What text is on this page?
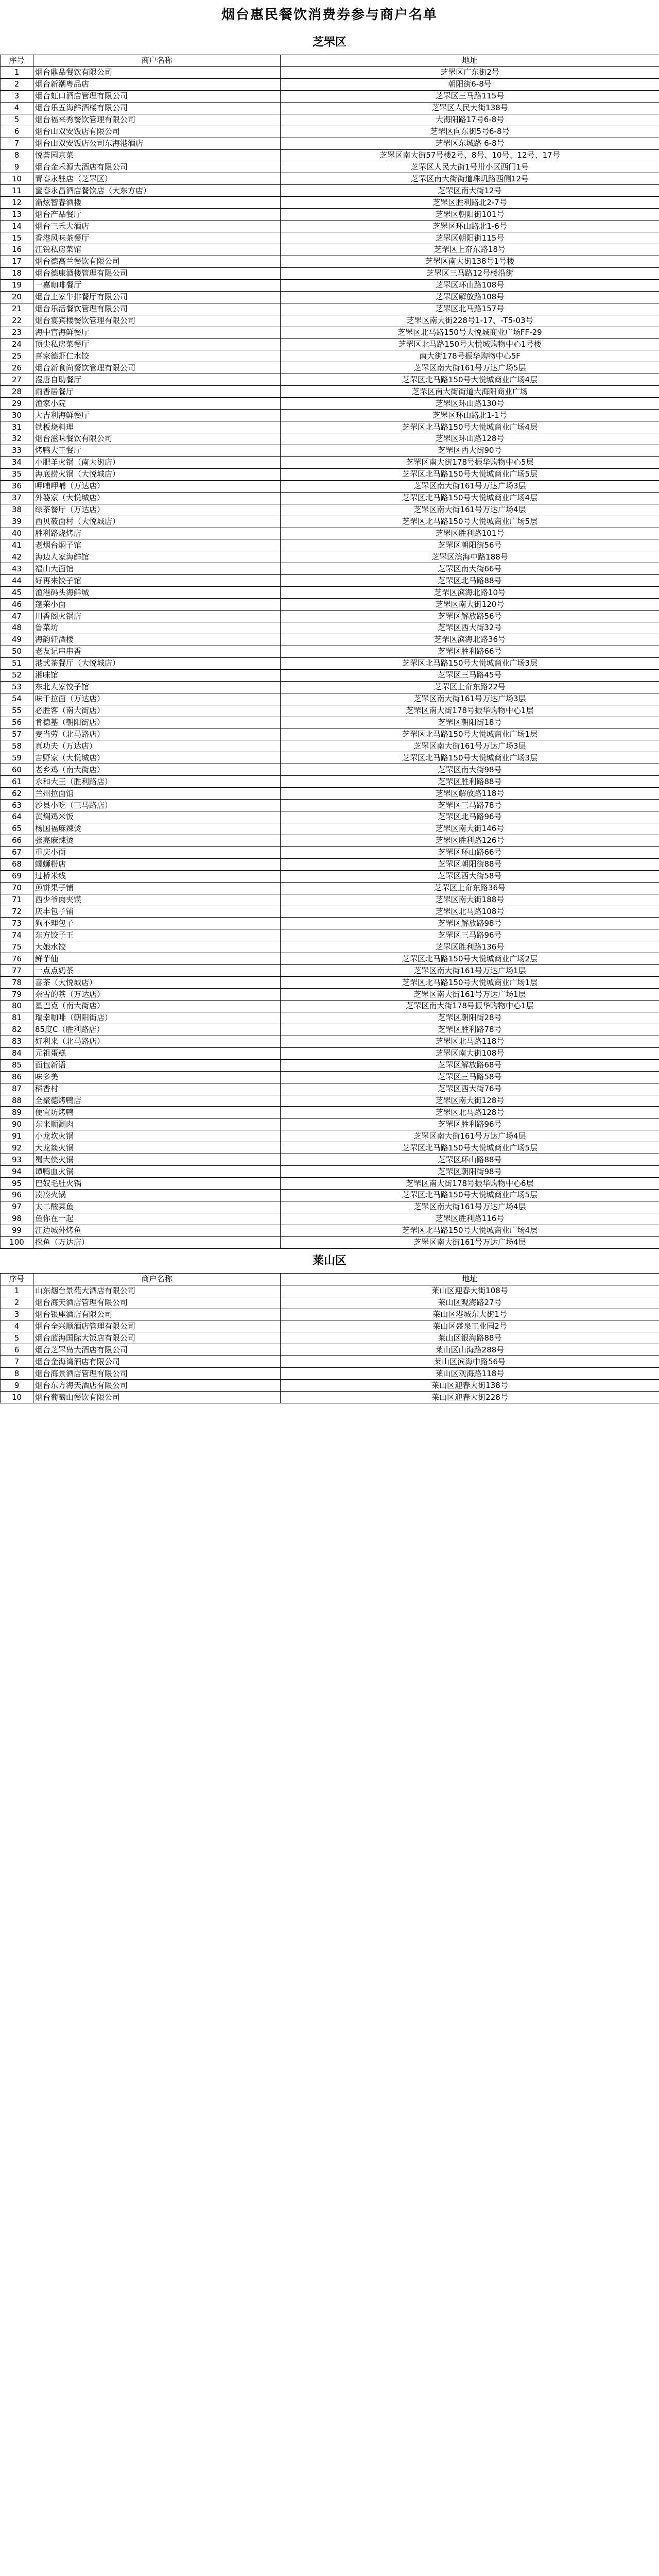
烟台惠民餐饮消费券参与商户名单
芝罘区
序号	商户名称	地址
1	烟台鼎品餐饮有限公司	芝罘区广东街2号
2	烟台新潮粤品店	朝阳街6-8号
3	烟台虹口酒店管理有限公司	芝罘区三马路115号
4	烟台乐五海鲜酒楼有限公司	芝罘区人民大街138号
5	烟台福来秀餐饮管理有限公司	大海阳路17号6-8号
6	烟台山双安饭店有限公司	芝罘区向东街5号6-8号
7	烟台山双安饭店公司东海港酒店	芝罘区东城路 6-8号
8	悦荟园京菜	芝罘区南大街57号楼2号、8号、10号、12号、17号
9	烟台金禾源大酒店有限公司	芝罘区人民大街1号卅小区西门1号
10	青春永驻店（芝罘区）	芝罘区南大街街道珠玑路西侧12号
11	蜜春永昌酒店餐饮店（大东方店）	芝罘区南大街12号
12	渐炫智春酒楼	芝罘区胜利路北2-7号
13	烟台产品餐厅	芝罘区朝阳街101号
14	烟台三禾大酒店	芝罘区环山路北1-6号
15	香港风味茶餐厅	芝罘区朝阳街115号
16	江锐私房菜馆	芝罘区上夼东路18号
17	烟台德高兰餐饮有限公司	芝罘区南大街138号1号楼
18	烟台德康酒楼管理有限公司	芝罘区三马路12号楼沿街
19	一嘉咖啡餐厅	芝罘区环山路108号
20	烟台上家牛排餐厅有限公司	芝罘区解放路108号
21	烟台乐活餐饮管理有限公司	芝罘区北马路157号
22	烟台宴宾楼餐饮管理有限公司	芝罘区南大街228号1-17、-T5-03号
23	海中宫海鲜餐厅	芝罘区北马路150号大悦城商业广场FF-29
24	顶尖私房菜餐厅	芝罘区北马路150号大悦城购物中心1号楼
25	喜家德虾仁水饺	南大街178号振华购物中心5F
26	烟台新食尚餐饮管理有限公司	芝罘区南大街161号万达广场5层
27	漫唐自助餐厅	芝罘区北马路150号大悦城商业广场4层
28	雨香居餐厅	芝罘区南大街街道大海阳商业广场
29	渔家小院	芝罘区环山路130号
30	大吉利海鲜餐厅	芝罘区环山路北1-1号
31	铁板烧料理	芝罘区北马路150号大悦城商业广场4层
32	烟台滋味餐饮有限公司	芝罘区环山路128号
33	烤鸭大王餐厅	芝罘区西大街90号
34	小肥羊火锅（南大街店）	芝罘区南大街178号振华购物中心5层
35	海底捞火锅（大悦城店）	芝罘区北马路150号大悦城商业广场5层
36	呷哺呷哺（万达店）	芝罘区南大街161号万达广场3层
37	外婆家（大悦城店）	芝罘区北马路150号大悦城商业广场4层
38	绿茶餐厅（万达店）	芝罘区南大街161号万达广场4层
39	西贝莜面村（大悦城店）	芝罘区北马路150号大悦城商业广场5层
40	胜利路烧烤店	芝罘区胜利路101号
41	老烟台焖子馆	芝罘区朝阳街56号
42	海边人家海鲜馆	芝罘区滨海中路188号
43	福山大面馆	芝罘区南大街66号
44	好再来饺子馆	芝罘区北马路88号
45	渔港码头海鲜城	芝罘区滨海北路10号
46	蓬莱小面	芝罘区南大街120号
47	川香阁火锅店	芝罘区解放路56号
48	鲁菜坊	芝罘区西大街32号
49	海韵轩酒楼	芝罘区滨海北路36号
50	老友记串串香	芝罘区胜利路66号
51	港式茶餐厅（大悦城店）	芝罘区北马路150号大悦城商业广场3层
52	湘味馆	芝罘区三马路45号
53	东北人家饺子馆	芝罘区上夼东路22号
54	味千拉面（万达店）	芝罘区南大街161号万达广场3层
55	必胜客（南大街店）	芝罘区南大街178号振华购物中心1层
56	肯德基（朝阳街店）	芝罘区朝阳街18号
57	麦当劳（北马路店）	芝罘区北马路150号大悦城商业广场1层
58	真功夫（万达店）	芝罘区南大街161号万达广场3层
59	吉野家（大悦城店）	芝罘区北马路150号大悦城商业广场3层
60	老乡鸡（南大街店）	芝罘区南大街98号
61	永和大王（胜利路店）	芝罘区胜利路88号
62	兰州拉面馆	芝罘区解放路118号
63	沙县小吃（三马路店）	芝罘区三马路78号
64	黄焖鸡米饭	芝罘区北马路96号
65	杨国福麻辣烫	芝罘区南大街146号
66	张亮麻辣烫	芝罘区胜利路126号
67	重庆小面	芝罘区环山路66号
68	螺蛳粉店	芝罘区朝阳街88号
69	过桥米线	芝罘区西大街58号
70	煎饼果子铺	芝罘区上夼东路36号
71	西少爷肉夹馍	芝罘区南大街188号
72	庆丰包子铺	芝罘区北马路108号
73	狗不理包子	芝罘区解放路98号
74	东方饺子王	芝罘区三马路96号
75	大娘水饺	芝罘区胜利路136号
76	鲜芋仙	芝罘区北马路150号大悦城商业广场2层
77	一点点奶茶	芝罘区南大街161号万达广场1层
78	喜茶（大悦城店）	芝罘区北马路150号大悦城商业广场1层
79	奈雪的茶（万达店）	芝罘区南大街161号万达广场1层
80	星巴克（南大街店）	芝罘区南大街178号振华购物中心1层
81	瑞幸咖啡（朝阳街店）	芝罘区朝阳街28号
82	85度C（胜利路店）	芝罘区胜利路78号
83	好利来（北马路店）	芝罘区北马路118号
84	元祖蛋糕	芝罘区南大街108号
85	面包新语	芝罘区解放路68号
86	味多美	芝罘区三马路58号
87	稻香村	芝罘区西大街76号
88	全聚德烤鸭店	芝罘区南大街128号
89	便宜坊烤鸭	芝罘区北马路128号
90	东来顺涮肉	芝罘区胜利路96号
91	小龙坎火锅	芝罘区南大街161号万达广场4层
92	大龙燚火锅	芝罘区北马路150号大悦城商业广场5层
93	蜀大侠火锅	芝罘区环山路88号
94	谭鸭血火锅	芝罘区朝阳街98号
95	巴奴毛肚火锅	芝罘区南大街178号振华购物中心6层
96	凑凑火锅	芝罘区北马路150号大悦城商业广场5层
97	太二酸菜鱼	芝罘区南大街161号万达广场4层
98	鱼你在一起	芝罘区胜利路116号
99	江边城外烤鱼	芝罘区北马路150号大悦城商业广场4层
100	探鱼（万达店）	芝罘区南大街161号万达广场4层
莱山区
序号	商户名称	地址
1	山东烟台景苑大酒店有限公司	莱山区迎春大街108号
2	烟台海天酒店管理有限公司	莱山区观海路27号
3	烟台银座酒店有限公司	莱山区港城东大街1号
4	烟台全兴顺酒店管理有限公司	莱山区盛泉工业园2号
5	烟台蓝海国际大饭店有限公司	莱山区银海路88号
6	烟台芝罘岛大酒店有限公司	莱山区山海路288号
7	烟台金海湾酒店有限公司	莱山区滨海中路56号
8	烟台海景酒店管理有限公司	莱山区观海路118号
9	烟台东方海天酒店有限公司	莱山区迎春大街138号
10	烟台葡萄山餐饮有限公司	莱山区迎春大街228号
